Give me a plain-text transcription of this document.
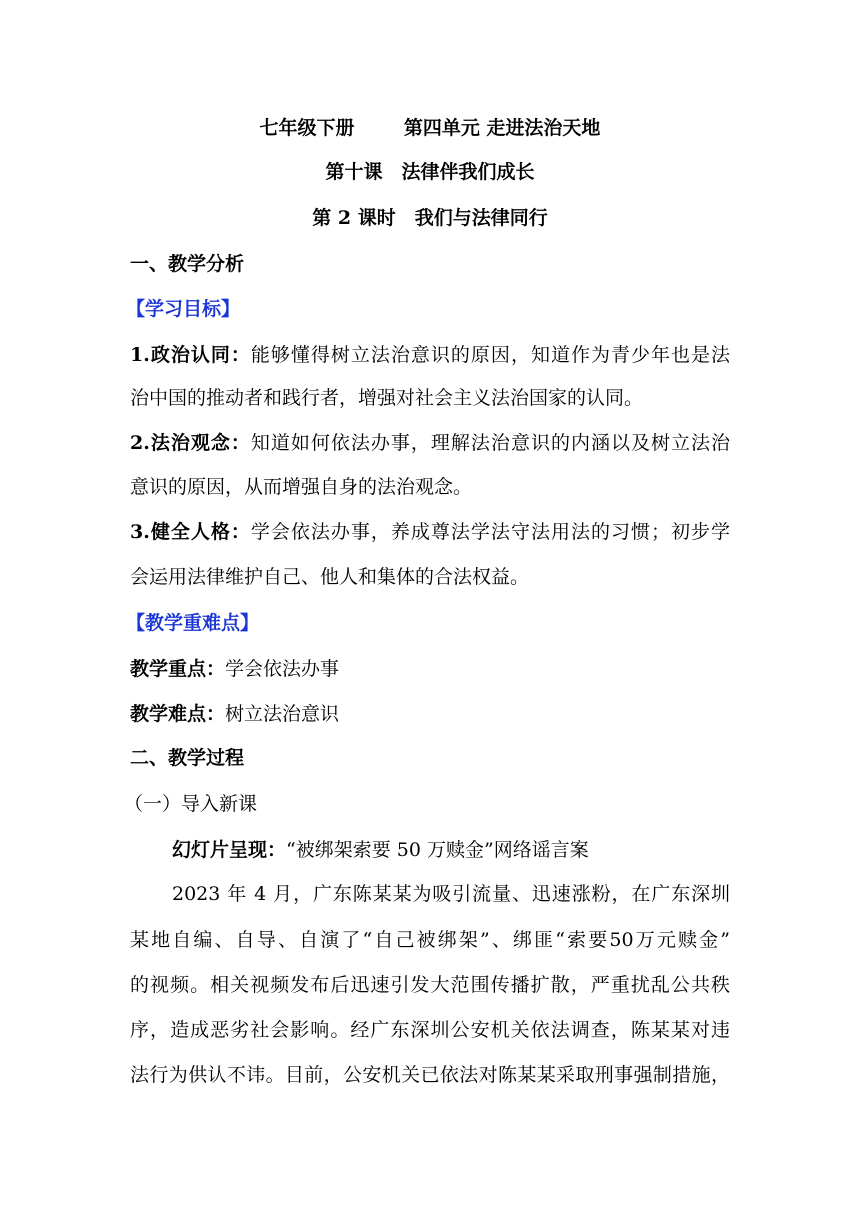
七年级下册	第四单元 走进法治天地
第十课　法律伴我们成长
第 2 课时　我们与法律同行
一、教学分析
【学习目标】
1.政治认同：能够懂得树立法治意识的原因，知道作为青少年也是法
治中国的推动者和践行者，增强对社会主义法治国家的认同。
2.法治观念：知道如何依法办事，理解法治意识的内涵以及树立法治
意识的原因，从而增强自身的法治观念。
3.健全人格：学会依法办事，养成尊法学法守法用法的习惯；初步学
会运用法律维护自己、他人和集体的合法权益。
【教学重难点】
教学重点：学会依法办事
教学难点：树立法治意识
二、教学过程
（一）导入新课
幻灯片呈现：“被绑架索要 50 万赎金”网络谣言案
2023 年 4 月，广东陈某某为吸引流量、迅速涨粉，在广东深圳
某地自编、自导、自演了“自己被绑架”、绑匪“索要50万元赎金”
的视频。相关视频发布后迅速引发大范围传播扩散，严重扰乱公共秩
序，造成恶劣社会影响。经广东深圳公安机关依法调查，陈某某对违
法行为供认不讳。目前，公安机关已依法对陈某某采取刑事强制措施，
